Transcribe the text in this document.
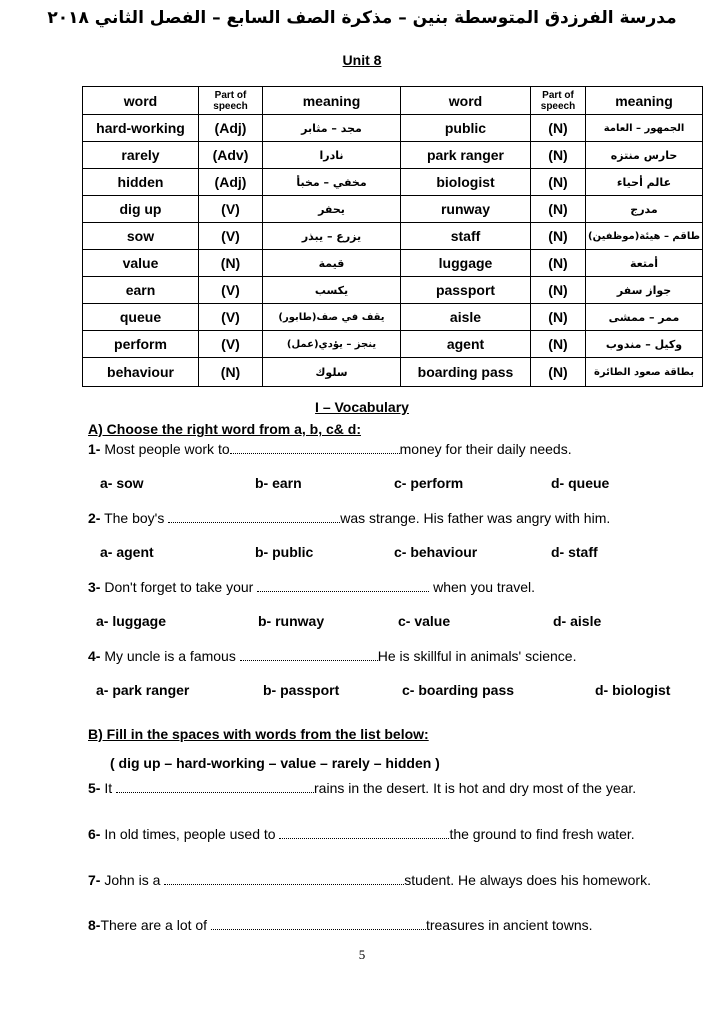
مدرسة الفرزدق المتوسطة بنين – مذكرة الصف السابع – الفصل الثاني ٢٠١٨
Unit 8
word	Part of speech	meaning	word	Part of speech	meaning
hard-working	(Adj)	مجد – مثابر	public	(N)	الجمهور – العامة
rarely	(Adv)	نادرا	park ranger	(N)	حارس منتزه
hidden	(Adj)	مخفي – مخبأ	biologist	(N)	عالم أحياء
dig up	(V)	يحفر	runway	(N)	مدرج
sow	(V)	يزرع – يبذر	staff	(N)	طاقم – هيئة(موظفين)
value	(N)	قيمة	luggage	(N)	أمتعة
earn	(V)	يكسب	passport	(N)	جواز سفر
queue	(V)	يقف في صف(طابور)	aisle	(N)	ممر – ممشى
perform	(V)	ينجز – يؤدي(عمل)	agent	(N)	وكيل – مندوب
behaviour	(N)	سلوك	boarding pass	(N)	بطاقة صعود الطائرة
I – Vocabulary
A) Choose the right word from a, b, c& d:
1- Most people work to	money for their daily needs.
a- sow	b- earn	c- perform	d- queue
2- The boy's	was strange. His father was angry with him.
a- agent	b- public	c- behaviour	d- staff
3- Don't forget to take your	when you travel.
a- luggage	b- runway	c- value	d- aisle
4- My uncle is a famous	He is skillful in animals' science.
a- park ranger	b- passport	c- boarding pass	d- biologist
B) Fill in the spaces with words from the list below:
( dig up – hard-working – value – rarely – hidden )
5- It	rains in the desert. It is hot and dry most of the year.
6- In old times, people used to	the ground to find fresh water.
7- John is a	student. He always does his homework.
8-There are a lot of	treasures in ancient towns.
5
